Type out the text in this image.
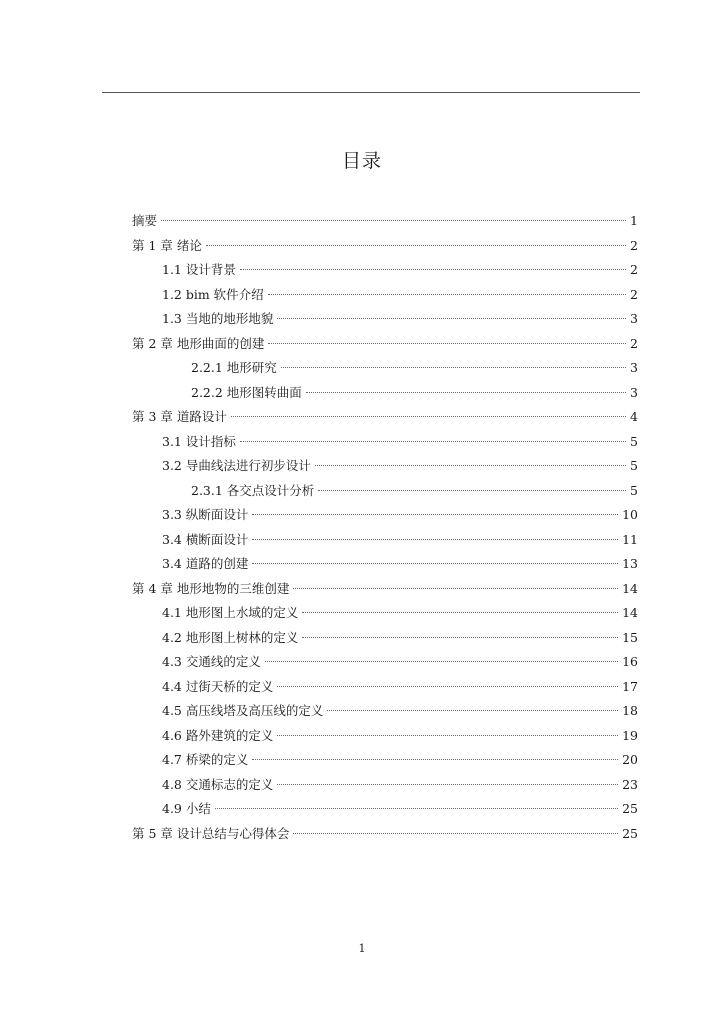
目录
摘要	1
第 1 章 绪论	2
1.1 设计背景	2
1.2 bim 软件介绍	2
1.3 当地的地形地貌	3
第 2 章 地形曲面的创建	2
2.2.1 地形研究	3
2.2.2 地形图转曲面	3
第 3 章 道路设计	4
3.1 设计指标	5
3.2 导曲线法进行初步设计	5
2.3.1 各交点设计分析	5
3.3 纵断面设计	10
3.4 横断面设计	11
3.4 道路的创建	13
第 4 章 地形地物的三维创建	14
4.1 地形图上水域的定义	14
4.2 地形图上树林的定义	15
4.3 交通线的定义	16
4.4 过街天桥的定义	17
4.5 高压线塔及高压线的定义	18
4.6 路外建筑的定义	19
4.7 桥梁的定义	20
4.8 交通标志的定义	23
4.9 小结	25
第 5 章 设计总结与心得体会	25
1
